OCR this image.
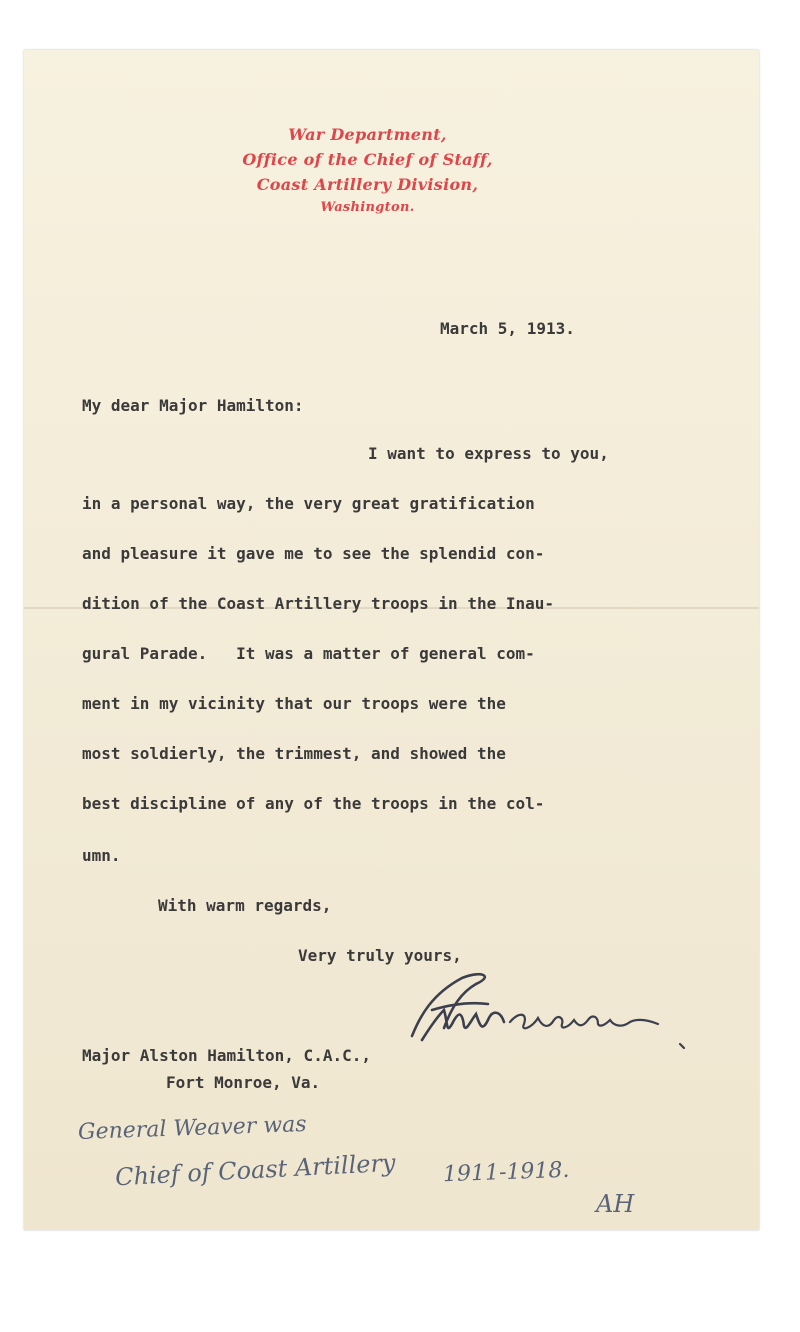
War Department,
Office of the Chief of Staff,
Coast Artillery Division,
Washington.
March 5, 1913.
My dear Major Hamilton:
I want to express to you,
in a personal way, the very great gratification
and pleasure it gave me to see the splendid con-
dition of the Coast Artillery troops in the Inau-
gural Parade.   It was a matter of general com-
ment in my vicinity that our troops were the
most soldierly, the trimmest, and showed the
best discipline of any of the troops in the col-
umn.
With warm regards,
Very truly yours,
Major Alston Hamilton, C.A.C.,
Fort Monroe, Va.
General Weaver was
Chief of Coast Artillery 1911-1918.
AH
